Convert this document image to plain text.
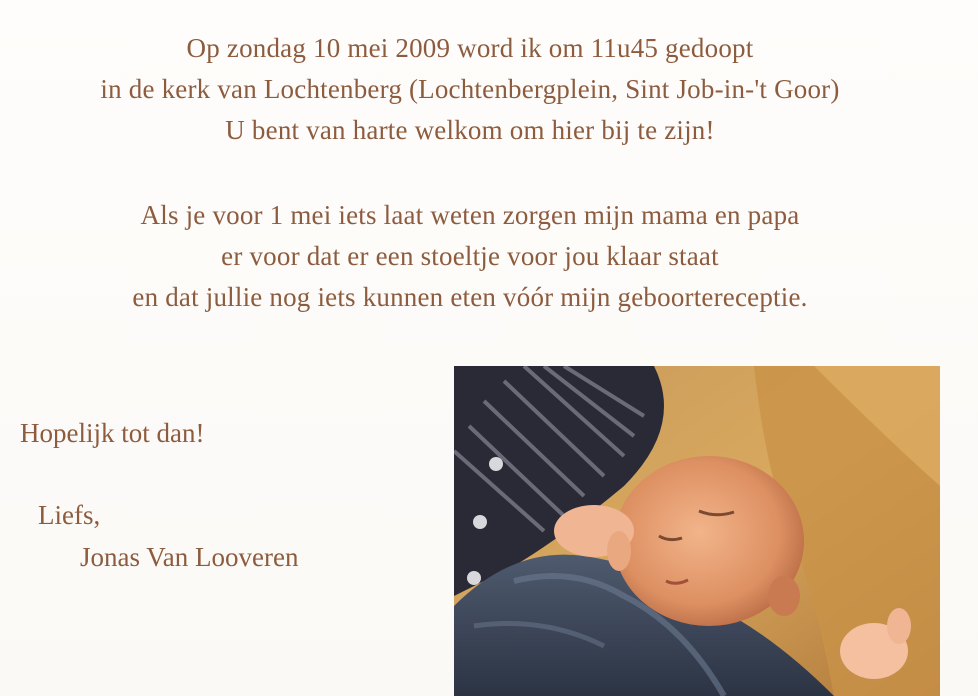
Op zondag 10 mei 2009 word ik om 11u45 gedoopt
in de kerk van Lochtenberg (Lochtenbergplein, Sint Job-in-'t Goor)
U bent van harte welkom om hier bij te zijn!
Als je voor 1 mei iets laat weten zorgen mijn mama en papa
er voor dat er een stoeltje voor jou klaar staat
en dat jullie nog iets kunnen eten vóór mijn geboortereceptie.
Hopelijk tot dan!
Liefs,
Jonas Van Looveren
